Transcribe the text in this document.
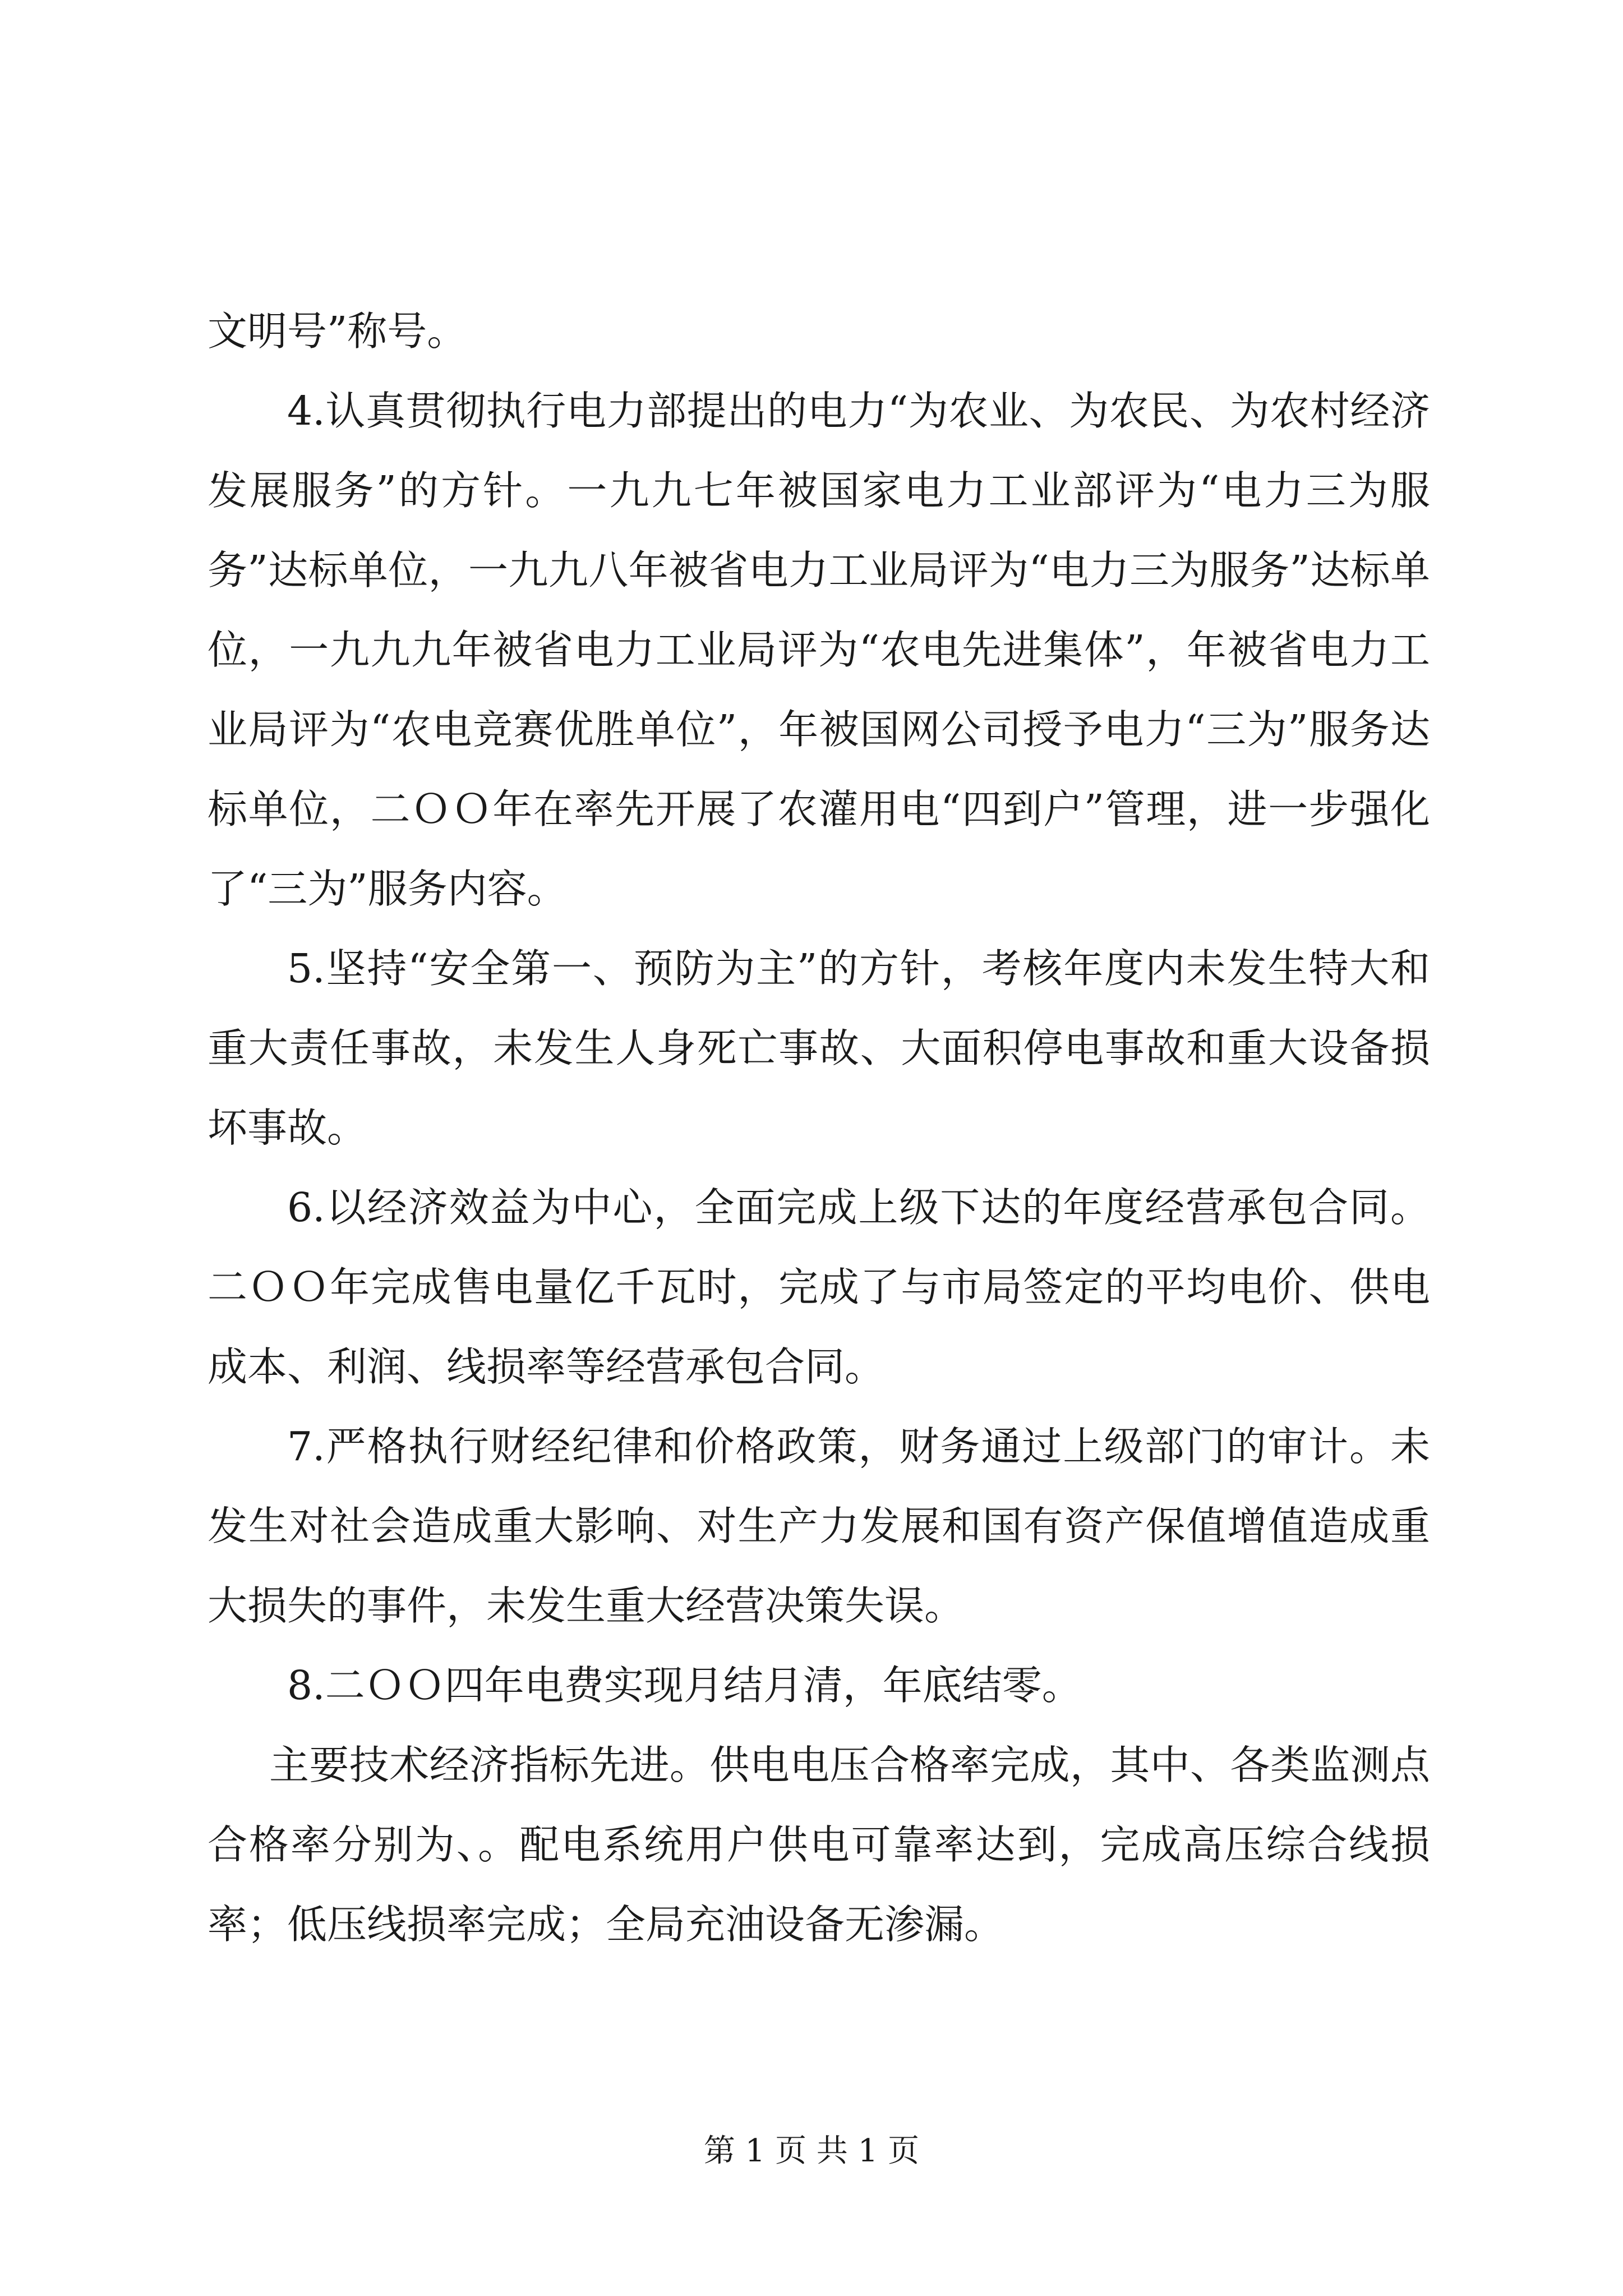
文明号”称号。

4.认真贯彻执行电力部提出的电力“为农业、为农民、为农村经济发展服务”的方针。一九九七年被国家电力工业部评为“电力三为服务”达标单位，一九九八年被省电力工业局评为“电力三为服务”达标单位，一九九九年被省电力工业局评为“农电先进集体”，年被省电力工业局评为“农电竞赛优胜单位”，年被国网公司授予电力“三为”服务达标单位，二ＯＯ年在率先开展了农灌用电“四到户”管理，进一步强化了“三为”服务内容。

5.坚持“安全第一、预防为主”的方针，考核年度内未发生特大和重大责任事故，未发生人身死亡事故、大面积停电事故和重大设备损坏事故。

6.以经济效益为中心，全面完成上级下达的年度经营承包合同。二ＯＯ年完成售电量亿千瓦时，完成了与市局签定的平均电价、供电成本、利润、线损率等经营承包合同。

7.严格执行财经纪律和价格政策，财务通过上级部门的审计。未发生对社会造成重大影响、对生产力发展和国有资产保值增值造成重大损失的事件，未发生重大经营决策失误。

8.二ＯＯ四年电费实现月结月清，年底结零。

主要技术经济指标先进。供电电压合格率完成，其中、各类监测点合格率分别为、。配电系统用户供电可靠率达到，完成高压综合线损率；低压线损率完成；全局充油设备无渗漏。

第 1 页 共 1 页
